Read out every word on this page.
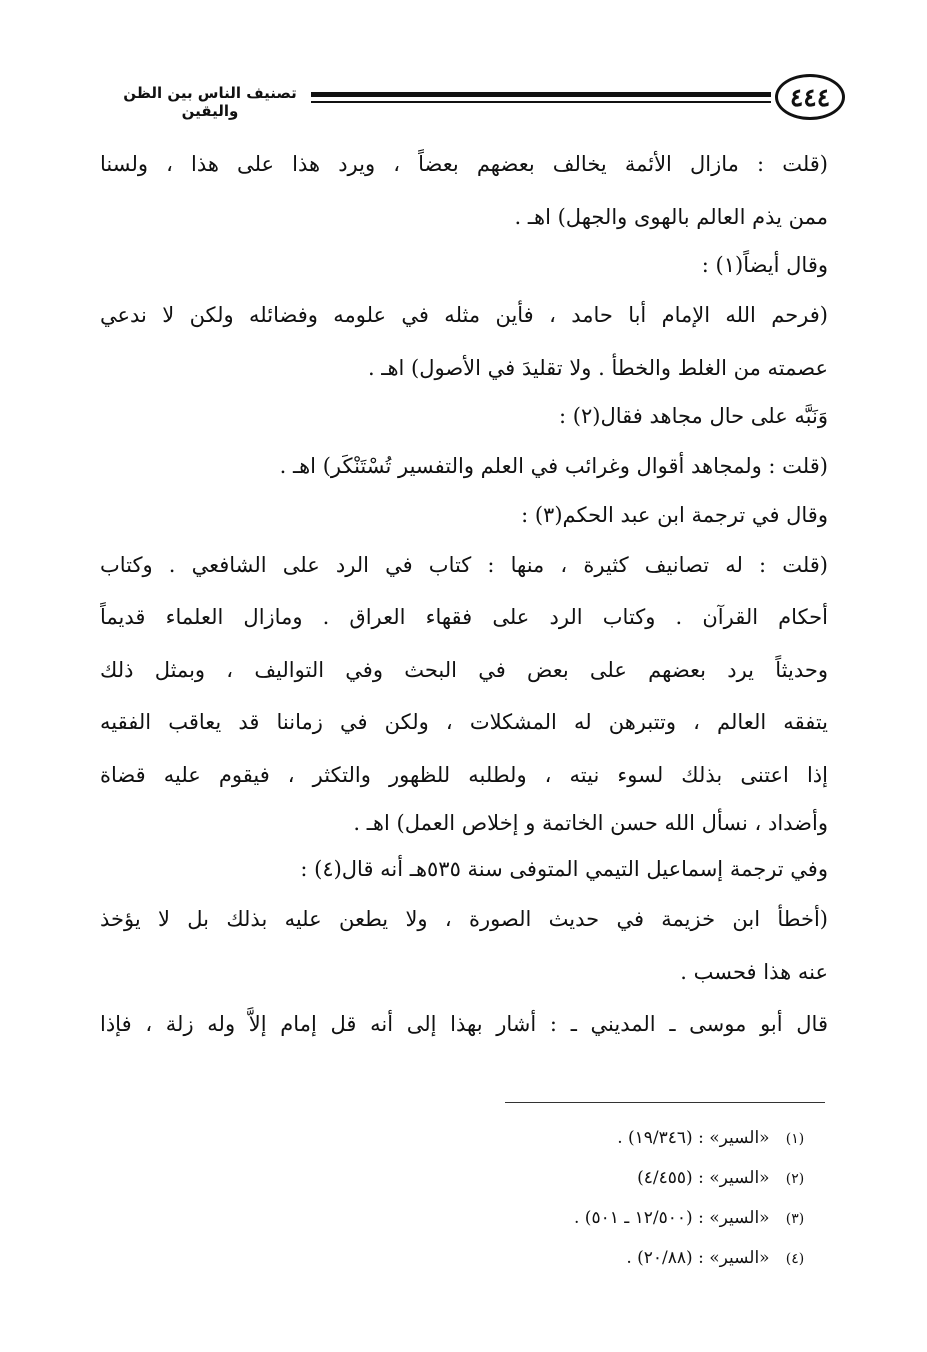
تصنيف الناس بين الظن واليقين	٤٤٤
(قلت : مازال الأئمة يخالف بعضهم بعضاً ، ويرد هذا على هذا ، ولسنا
ممن يذم العالم بالهوى والجهل) اهـ .
وقال أيضاً(١) :
(فرحم الله الإمام أبا حامد ، فأين مثله في علومه وفضائله ولكن لا ندعي
عصمته من الغلط والخطأ . ولا تقليدَ في الأصول) اهـ .
وَنَبَّه على حال مجاهد فقال(٢) :
(قلت : ولمجاهد أقوال وغرائب في العلم والتفسير تُسْتَنْكَر) اهـ .
وقال في ترجمة ابن عبد الحكم(٣) :
(قلت : له تصانيف كثيرة ، منها : كتاب في الرد على الشافعي . وكتاب
أحكام القرآن . وكتاب الرد على فقهاء العراق . ومازال العلماء قديماً
وحديثاً يرد بعضهم على بعض في البحث وفي التواليف ، وبمثل ذلك
يتفقه العالم ، وتتبرهن له المشكلات ، ولكن في زماننا قد يعاقب الفقيه
إذا اعتنى بذلك لسوء نيته ، ولطلبه للظهور والتكثر ، فيقوم عليه قضاة
وأضداد ، نسأل الله حسن الخاتمة و إخلاص العمل) اهـ .
وفي ترجمة إسماعيل التيمي المتوفى سنة ٥٣٥هـ أنه قال(٤) :
(أخطأ ابن خزيمة في حديث الصورة ، ولا يطعن عليه بذلك بل لا يؤخذ
عنه هذا فحسب .
قال أبو موسى ـ المديني ـ : أشار بهذا إلى أنه قل إمام إلاَّ وله زلة ، فإذا
(١) «السير» : (١٩/٣٤٦) .
(٢) «السير» : (٤/٤٥٥)
(٣) «السير» : (١٢/٥٠٠ ـ ٥٠١) .
(٤) «السير» : (٢٠/٨٨) .
